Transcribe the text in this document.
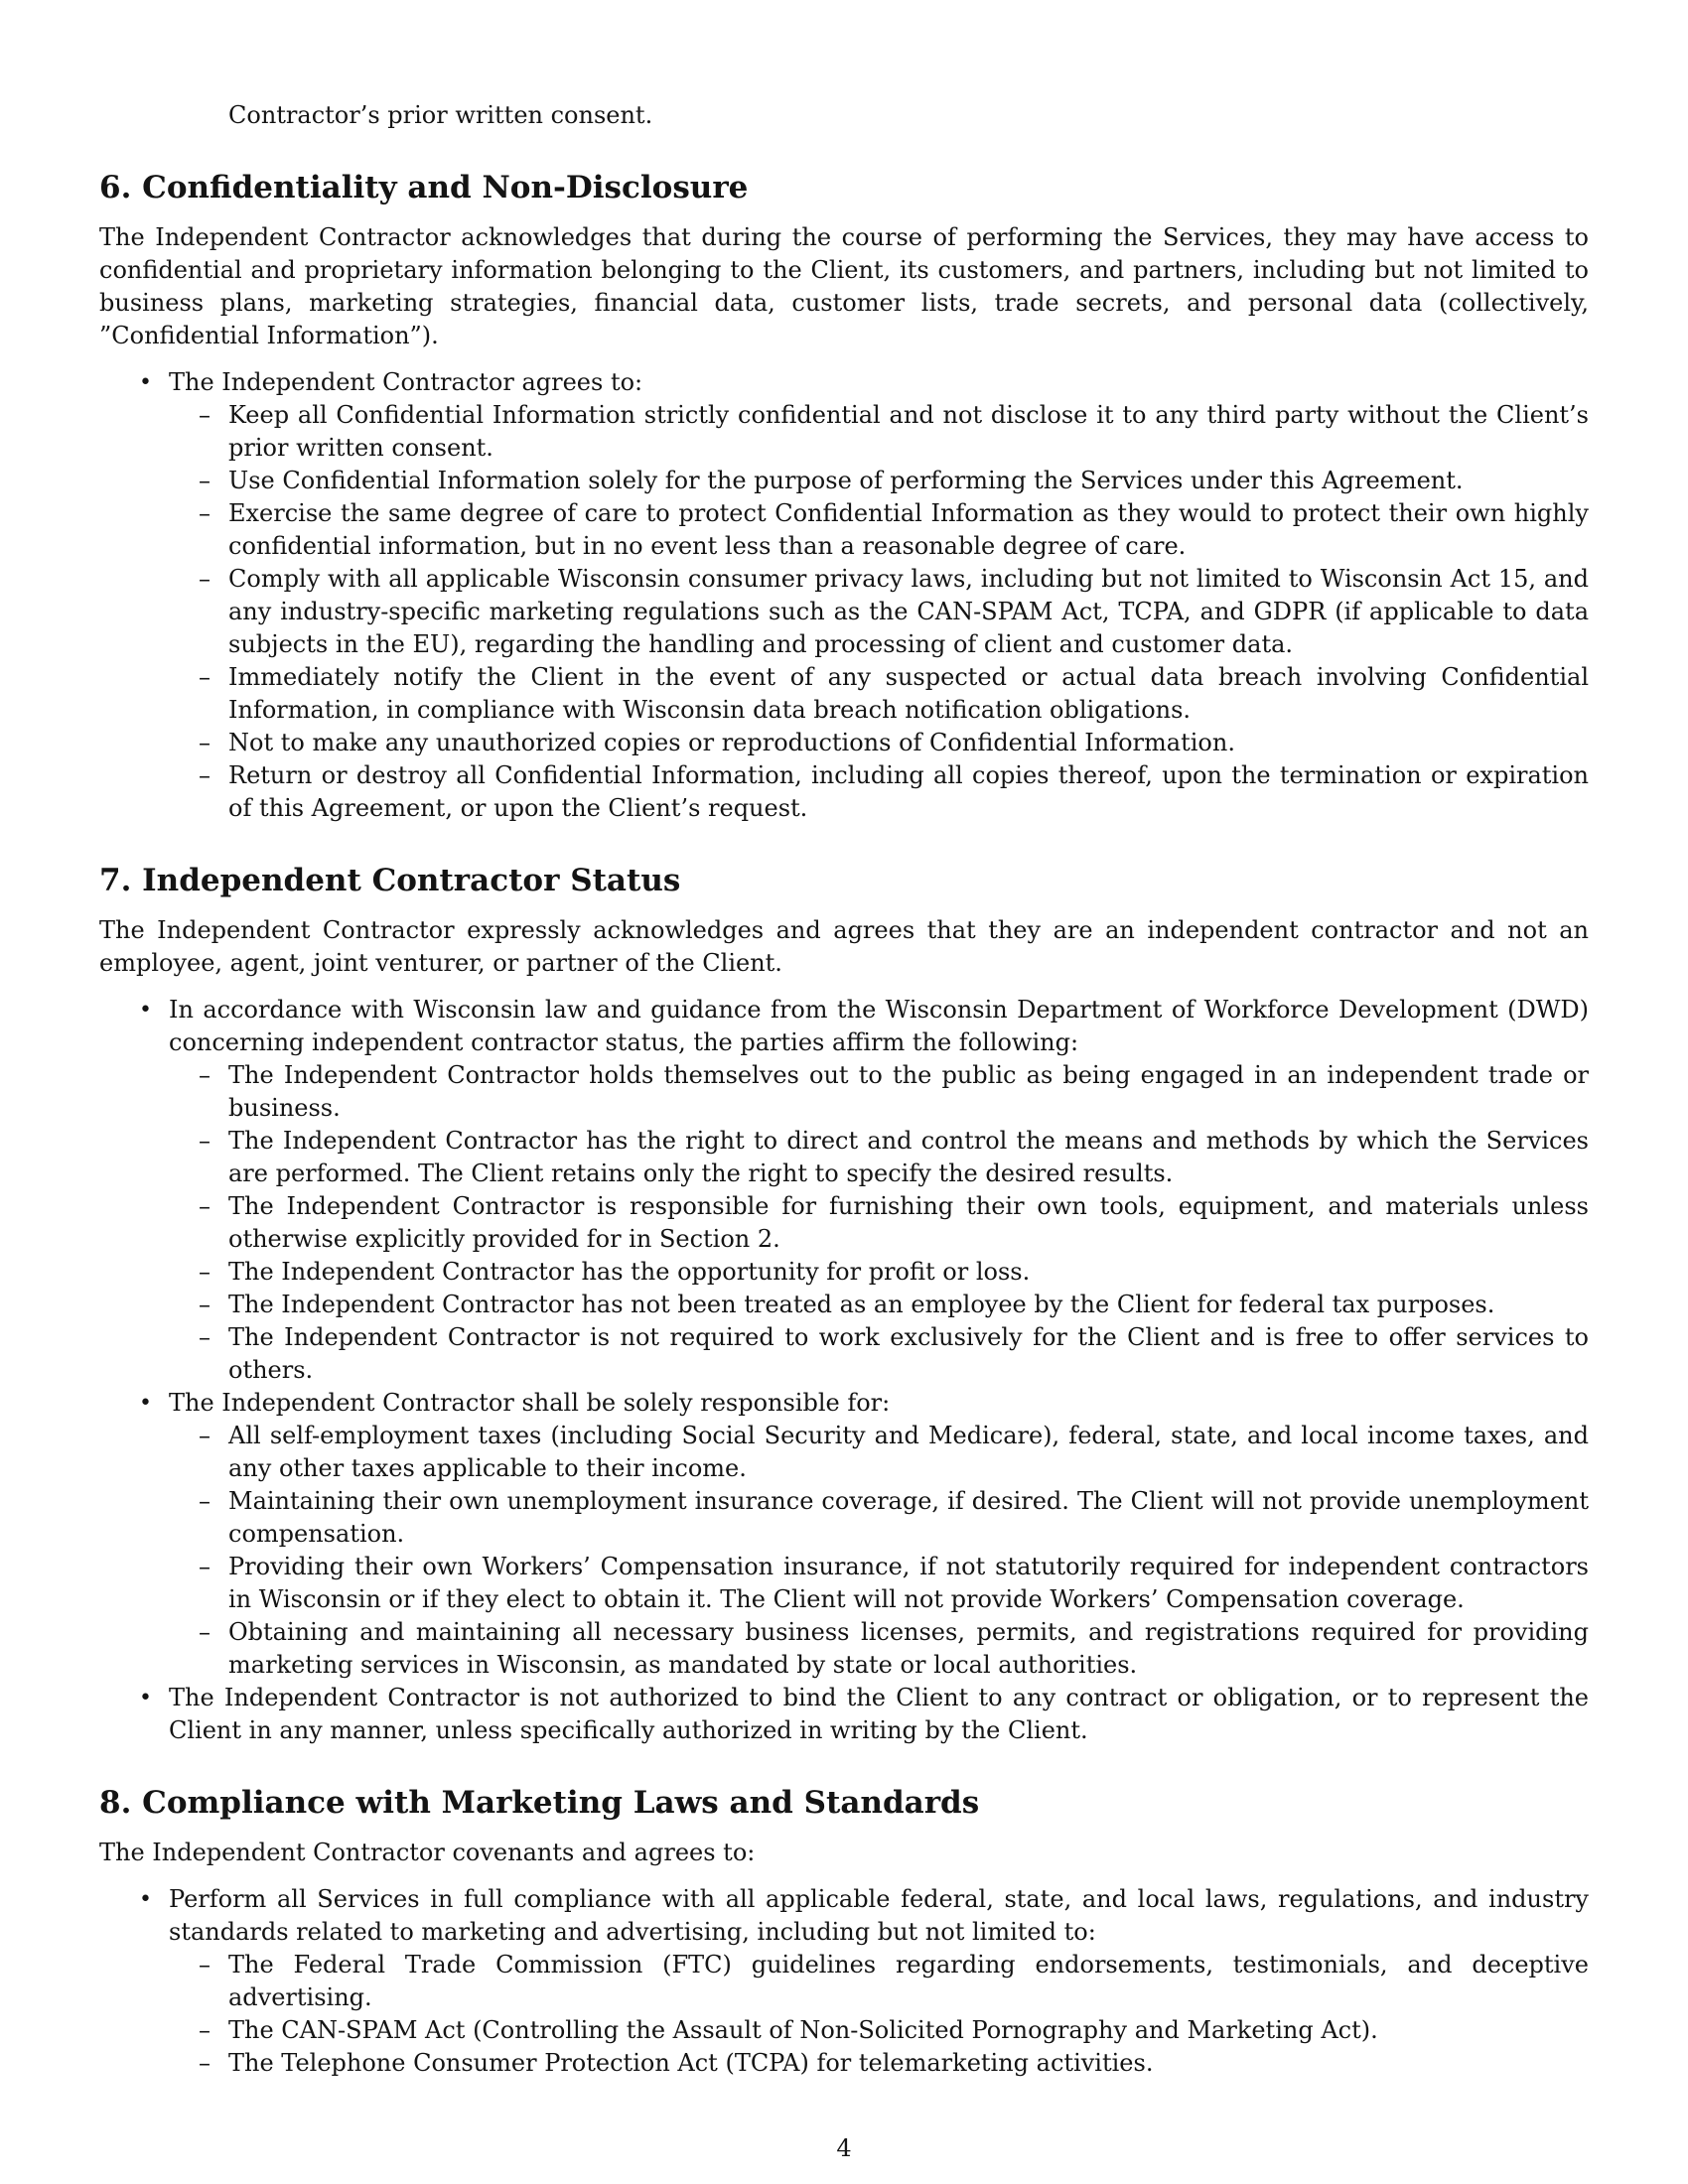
Contractor’s prior written consent.

6. Confidentiality and Non-Disclosure

The Independent Contractor acknowledges that during the course of performing the Services, they may have access to confidential and proprietary information belonging to the Client, its customers, and partners, including but not limited to business plans, marketing strategies, financial data, customer lists, trade secrets, and personal data (collectively, ”Confidential Information”).

• The Independent Contractor agrees to:
– Keep all Confidential Information strictly confidential and not disclose it to any third party without the Client’s prior written consent.
– Use Confidential Information solely for the purpose of performing the Services under this Agreement.
– Exercise the same degree of care to protect Confidential Information as they would to protect their own highly confidential information, but in no event less than a reasonable degree of care.
– Comply with all applicable Wisconsin consumer privacy laws, including but not limited to Wisconsin Act 15, and any industry-specific marketing regulations such as the CAN-SPAM Act, TCPA, and GDPR (if applicable to data subjects in the EU), regarding the handling and processing of client and customer data.
– Immediately notify the Client in the event of any suspected or actual data breach involving Confidential Information, in compliance with Wisconsin data breach notification obligations.
– Not to make any unauthorized copies or reproductions of Confidential Information.
– Return or destroy all Confidential Information, including all copies thereof, upon the termination or expiration of this Agreement, or upon the Client’s request.
7. Independent Contractor Status

The Independent Contractor expressly acknowledges and agrees that they are an independent contractor and not an employee, agent, joint venturer, or partner of the Client.

• In accordance with Wisconsin law and guidance from the Wisconsin Department of Workforce Development (DWD) concerning independent contractor status, the parties affirm the following:
– The Independent Contractor holds themselves out to the public as being engaged in an independent trade or business.
– The Independent Contractor has the right to direct and control the means and methods by which the Services are performed. The Client retains only the right to specify the desired results.
– The Independent Contractor is responsible for furnishing their own tools, equipment, and materials unless otherwise explicitly provided for in Section 2.
– The Independent Contractor has the opportunity for profit or loss.
– The Independent Contractor has not been treated as an employee by the Client for federal tax purposes.
– The Independent Contractor is not required to work exclusively for the Client and is free to offer services to others.
• The Independent Contractor shall be solely responsible for:
– All self-employment taxes (including Social Security and Medicare), federal, state, and local income taxes, and any other taxes applicable to their income.
– Maintaining their own unemployment insurance coverage, if desired. The Client will not provide unemployment compensation.
– Providing their own Workers’ Compensation insurance, if not statutorily required for independent contractors in Wisconsin or if they elect to obtain it. The Client will not provide Workers’ Compensation coverage.
– Obtaining and maintaining all necessary business licenses, permits, and registrations required for providing marketing services in Wisconsin, as mandated by state or local authorities.
• The Independent Contractor is not authorized to bind the Client to any contract or obligation, or to represent the Client in any manner, unless specifically authorized in writing by the Client.
8. Compliance with Marketing Laws and Standards

The Independent Contractor covenants and agrees to:

• Perform all Services in full compliance with all applicable federal, state, and local laws, regulations, and industry standards related to marketing and advertising, including but not limited to:
– The Federal Trade Commission (FTC) guidelines regarding endorsements, testimonials, and deceptive advertising.
– The CAN-SPAM Act (Controlling the Assault of Non-Solicited Pornography and Marketing Act).
– The Telephone Consumer Protection Act (TCPA) for telemarketing activities.
4
